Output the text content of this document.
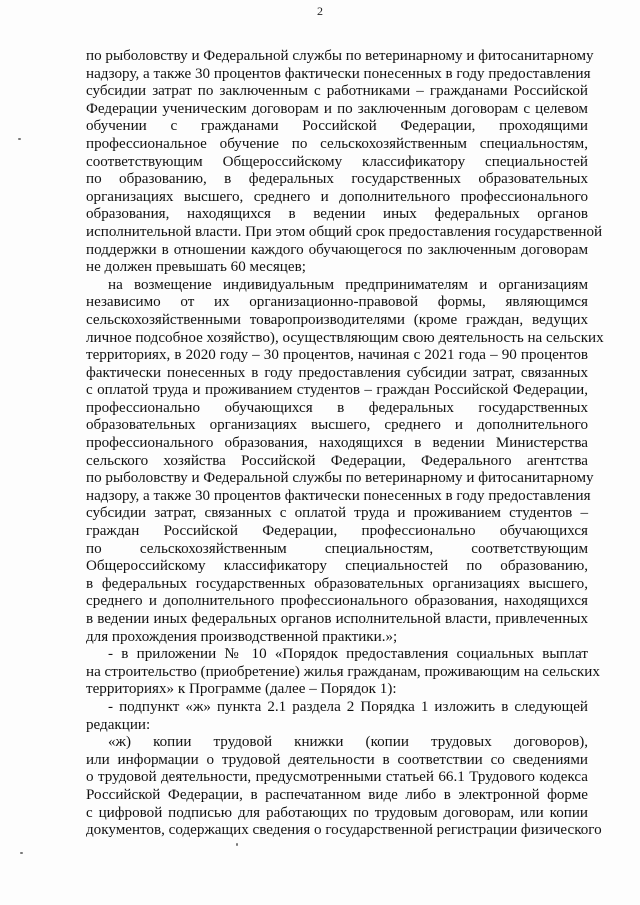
2
по рыболовству и Федеральной службы по ветеринарному и фитосанитарному
надзору, а также 30 процентов фактически понесенных в году предоставления
субсидии затрат по заключенным с работниками – гражданами Российской
Федерации ученическим договорам и по заключенным договорам с целевом
обучении с гражданами Российской Федерации, проходящими
профессиональное обучение по сельскохозяйственным специальностям,
соответствующим Общероссийскому классификатору специальностей
по образованию, в федеральных государственных образовательных
организациях высшего, среднего и дополнительного профессионального
образования, находящихся в ведении иных федеральных органов
исполнительной власти. При этом общий срок предоставления государственной
поддержки в отношении каждого обучающегося по заключенным договорам
не должен превышать 60 месяцев;
на возмещение индивидуальным предпринимателям и организациям
независимо от их организационно-правовой формы, являющимся
сельскохозяйственными товаропроизводителями (кроме граждан, ведущих
личное подсобное хозяйство), осуществляющим свою деятельность на сельских
территориях, в 2020 году – 30 процентов, начиная с 2021 года – 90 процентов
фактически понесенных в году предоставления субсидии затрат, связанных
с оплатой труда и проживанием студентов – граждан Российской Федерации,
профессионально обучающихся в федеральных государственных
образовательных организациях высшего, среднего и дополнительного
профессионального образования, находящихся в ведении Министерства
сельского хозяйства Российской Федерации, Федерального агентства
по рыболовству и Федеральной службы по ветеринарному и фитосанитарному
надзору, а также 30 процентов фактически понесенных в году предоставления
субсидии затрат, связанных с оплатой труда и проживанием студентов –
граждан Российской Федерации, профессионально обучающихся
по сельскохозяйственным специальностям, соответствующим
Общероссийскому классификатору специальностей по образованию,
в федеральных государственных образовательных организациях высшего,
среднего и дополнительного профессионального образования, находящихся
в ведении иных федеральных органов исполнительной власти, привлеченных
для прохождения производственной практики.»;
- в приложении № 10 «Порядок предоставления социальных выплат
на строительство (приобретение) жилья гражданам, проживающим на сельских
территориях» к Программе (далее – Порядок 1):
- подпункт «ж» пункта 2.1 раздела 2 Порядка 1 изложить в следующей
редакции:
«ж) копии трудовой книжки (копии трудовых договоров),
или информации о трудовой деятельности в соответствии со сведениями
о трудовой деятельности, предусмотренными статьей 66.1 Трудового кодекса
Российской Федерации, в распечатанном виде либо в электронной форме
с цифровой подписью для работающих по трудовым договорам, или копии
документов, содержащих сведения о государственной регистрации физического
